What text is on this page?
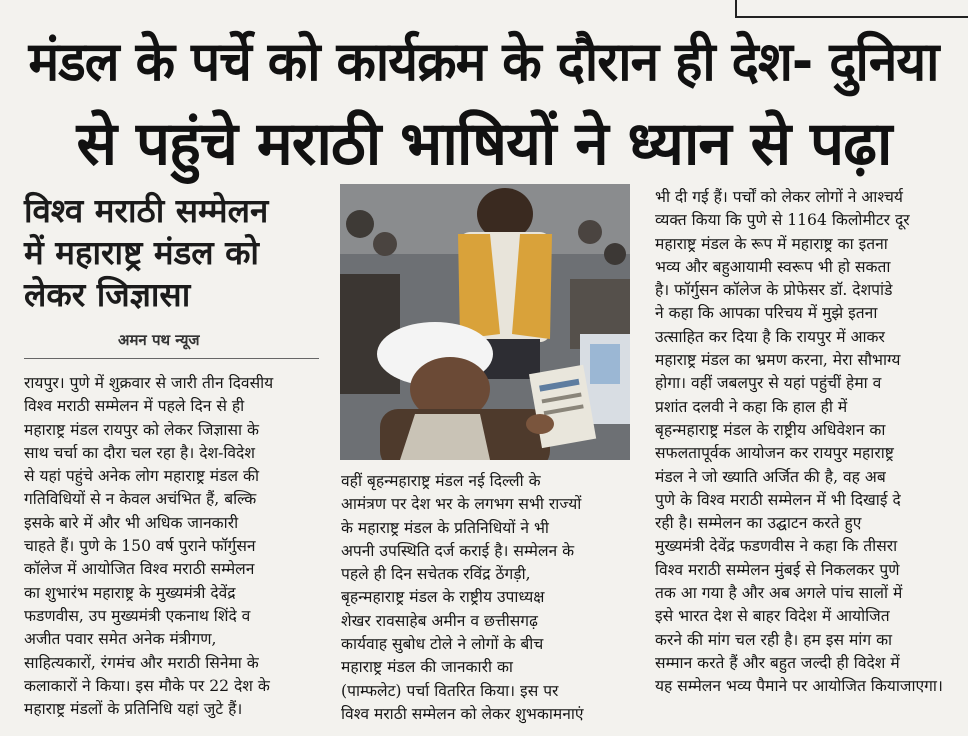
मंडल के पर्चे को कार्यक्रम के दौरान ही देश- दुनिया
से पहुंचे मराठी भाषियों ने ध्यान से पढ़ा
विश्व मराठी सम्मेलन में महाराष्ट्र मंडल को लेकर जिज्ञासा
अमन पथ न्यूज

रायपुर। पुणे में शुक्रवार से जारी तीन दिवसीय

विश्व मराठी सम्मेलन में पहले दिन से ही

महाराष्ट्र मंडल रायपुर को लेकर जिज्ञासा के

साथ चर्चा का दौरा चल रहा है। देश-विदेश

से यहां पहुंचे अनेक लोग महाराष्ट्र मंडल की

गतिविधियों से न केवल अचंभित हैं, बल्कि

इसके बारे में और भी अधिक जानकारी

चाहते हैं। पुणे के 150 वर्ष पुराने फॉर्गुसन

कॉलेज में आयोजित विश्व मराठी सम्मेलन

का शुभारंभ महाराष्ट्र के मुख्यमंत्री देवेंद्र

फडणवीस, उप मुख्यमंत्री एकनाथ शिंदे व

अजीत पवार समेत अनेक मंत्रीगण,

साहित्यकारों, रंगमंच और मराठी सिनेमा के

कलाकारों ने किया। इस मौके पर 22 देश के

महाराष्ट्र मंडलों के प्रतिनिधि यहां जुटे हैं।

वहीं बृहन्महाराष्ट्र मंडल नई दिल्ली के

आमंत्रण पर देश भर के लगभग सभी राज्यों

के महाराष्ट्र मंडल के प्रतिनिधियों ने भी

अपनी उपस्थिति दर्ज कराई है। सम्मेलन के

पहले ही दिन सचेतक रविंद्र ठेंगड़ी,

बृहन्महाराष्ट्र मंडल के राष्ट्रीय उपाध्यक्ष

शेखर रावसाहेब अमीन व छत्तीसगढ़

कार्यवाह सुबोध टोले ने लोगों के बीच

महाराष्ट्र मंडल की जानकारी का

(पाम्फलेट) पर्चा वितरित किया। इस पर

विश्व मराठी सम्मेलन को लेकर शुभकामनाएं

भी दी गई हैं। पर्चों को लेकर लोगों ने आश्चर्य

व्यक्त किया कि पुणे से 1164 किलोमीटर दूर

महाराष्ट्र मंडल के रूप में महाराष्ट्र का इतना

भव्य और बहुआयामी स्वरूप भी हो सकता

है। फॉर्गुसन कॉलेज के प्रोफेसर डॉ. देशपांडे

ने कहा कि आपका परिचय में मुझे इतना

उत्साहित कर दिया है कि रायपुर में आकर

महाराष्ट्र मंडल का भ्रमण करना, मेरा सौभाग्य

होगा। वहीं जबलपुर से यहां पहुंचीं हेमा व

प्रशांत दलवी ने कहा कि हाल ही में

बृहन्महाराष्ट्र मंडल के राष्ट्रीय अधिवेशन का

सफलतापूर्वक आयोजन कर रायपुर महाराष्ट्र

मंडल ने जो ख्याति अर्जित की है, वह अब

पुणे के विश्व मराठी सम्मेलन में भी दिखाई दे

रही है। सम्मेलन का उद्घाटन करते हुए

मुख्यमंत्री देवेंद्र फडणवीस ने कहा कि तीसरा

विश्व मराठी सम्मेलन मुंबई से निकलकर पुणे

तक आ गया है और अब अगले पांच सालों में

इसे भारत देश से बाहर विदेश में आयोजित

करने की मांग चल रही है। हम इस मांग का

सम्मान करते हैं और बहुत जल्दी ही विदेश में

यह सम्मेलन भव्य पैमाने पर आयोजित किया

जाएगा।
